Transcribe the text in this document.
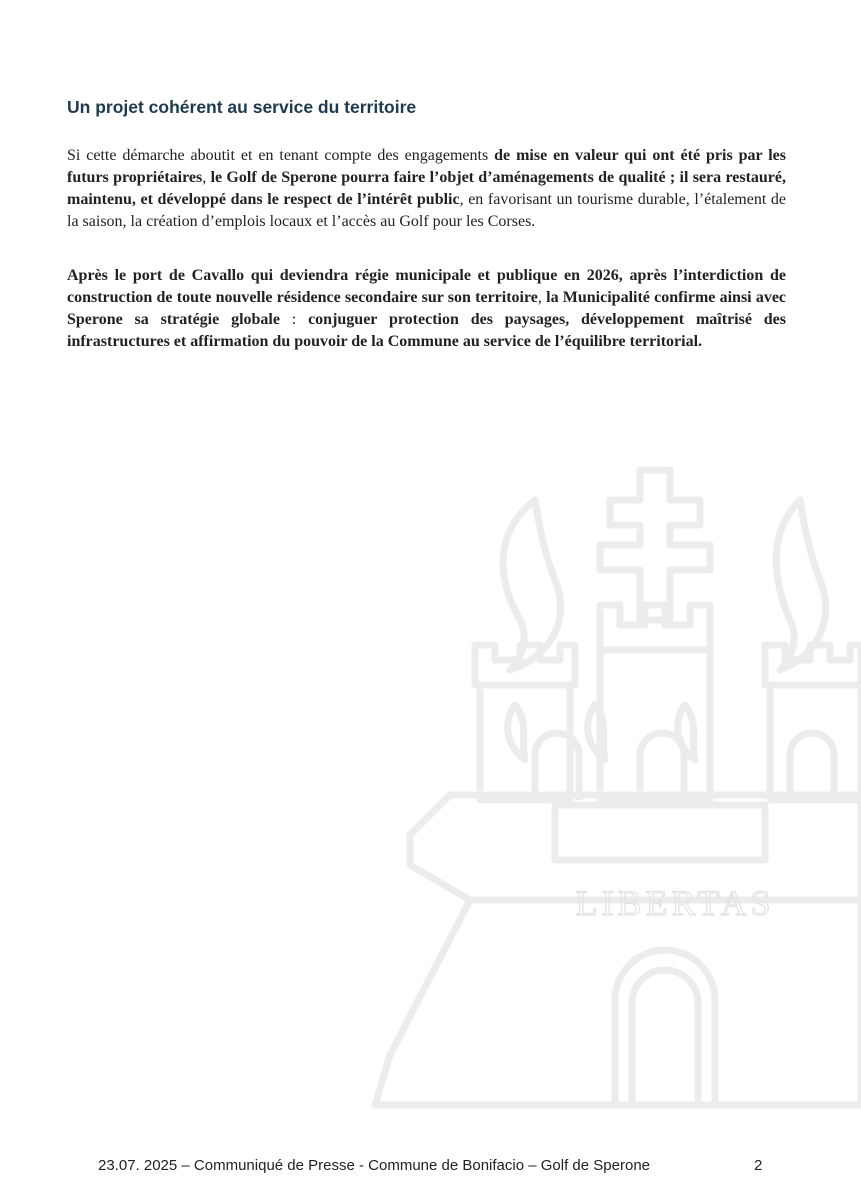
LIBERTAS
Un projet cohérent au service du territoire

Si cette démarche aboutit et en tenant compte des engagements de mise en valeur qui ont été pris par les futurs propriétaires, le Golf de Sperone pourra faire l’objet d’aménagements de qualité ; il sera restauré, maintenu, et développé dans le respect de l’intérêt public, en favorisant un tourisme durable, l’étalement de la saison, la création d’emplois locaux et l’accès au Golf pour les Corses.

Après le port de Cavallo qui deviendra régie municipale et publique en 2026, après l’interdiction de construction de toute nouvelle résidence secondaire sur son territoire, la Municipalité confirme ainsi avec Sperone sa stratégie globale : conjuguer protection des paysages, développement maîtrisé des infrastructures et affirmation du pouvoir de la Commune au service de l’équilibre territorial.

23.07. 2025 – Communiqué de Presse - Commune de Bonifacio – Golf de Sperone	2
